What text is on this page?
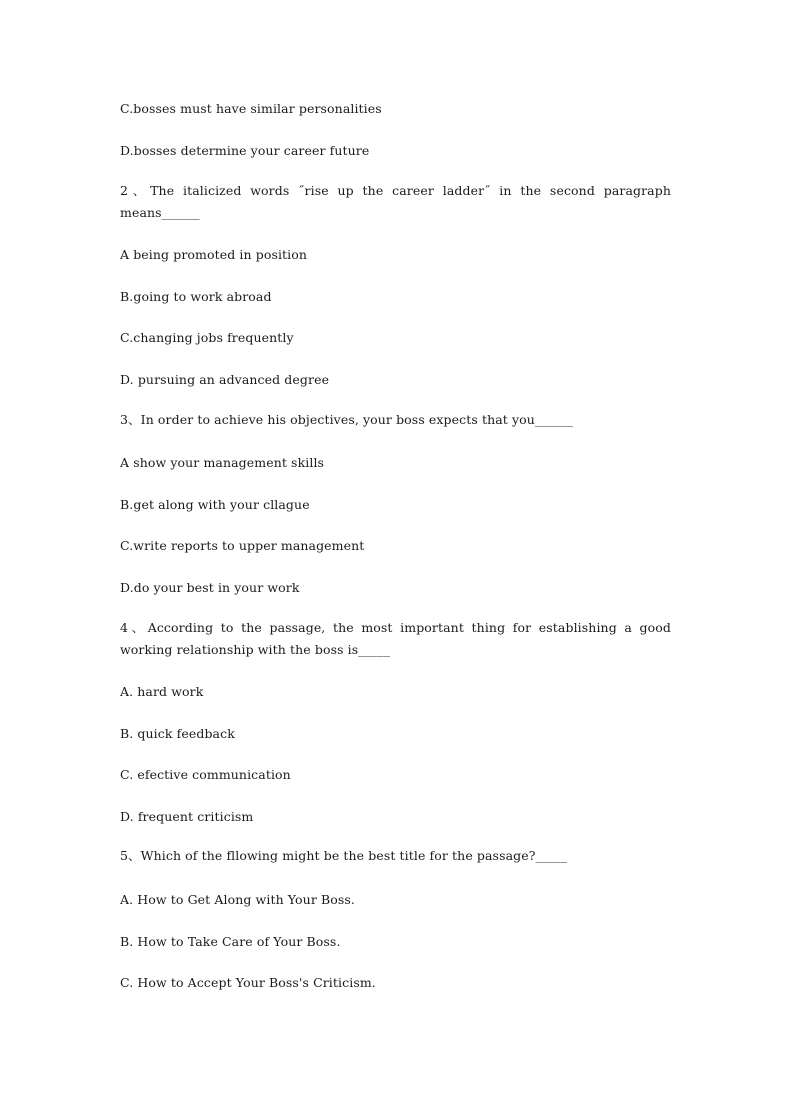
C.bosses must have similar personalities
D.bosses determine your career future
2、The italicized words ˝rise up the career ladder˝ in the second paragraph means______
A being promoted in position
B.going to work abroad
C.changing jobs frequently
D. pursuing an advanced degree
3、In order to achieve his objectives, your boss expects that you______
A show your management skills
B.get along with your cllague
C.write reports to upper management
D.do your best in your work
4、According to the passage, the most important thing for establishing a good working relationship with the boss is_____
A. hard work
B. quick feedback
C. efective communication
D. frequent criticism
5、Which of the fllowing might be the best title for the passage?_____
A. How to Get Along with Your Boss.
B. How to Take Care of Your Boss.
C. How to Accept Your Boss's Criticism.
